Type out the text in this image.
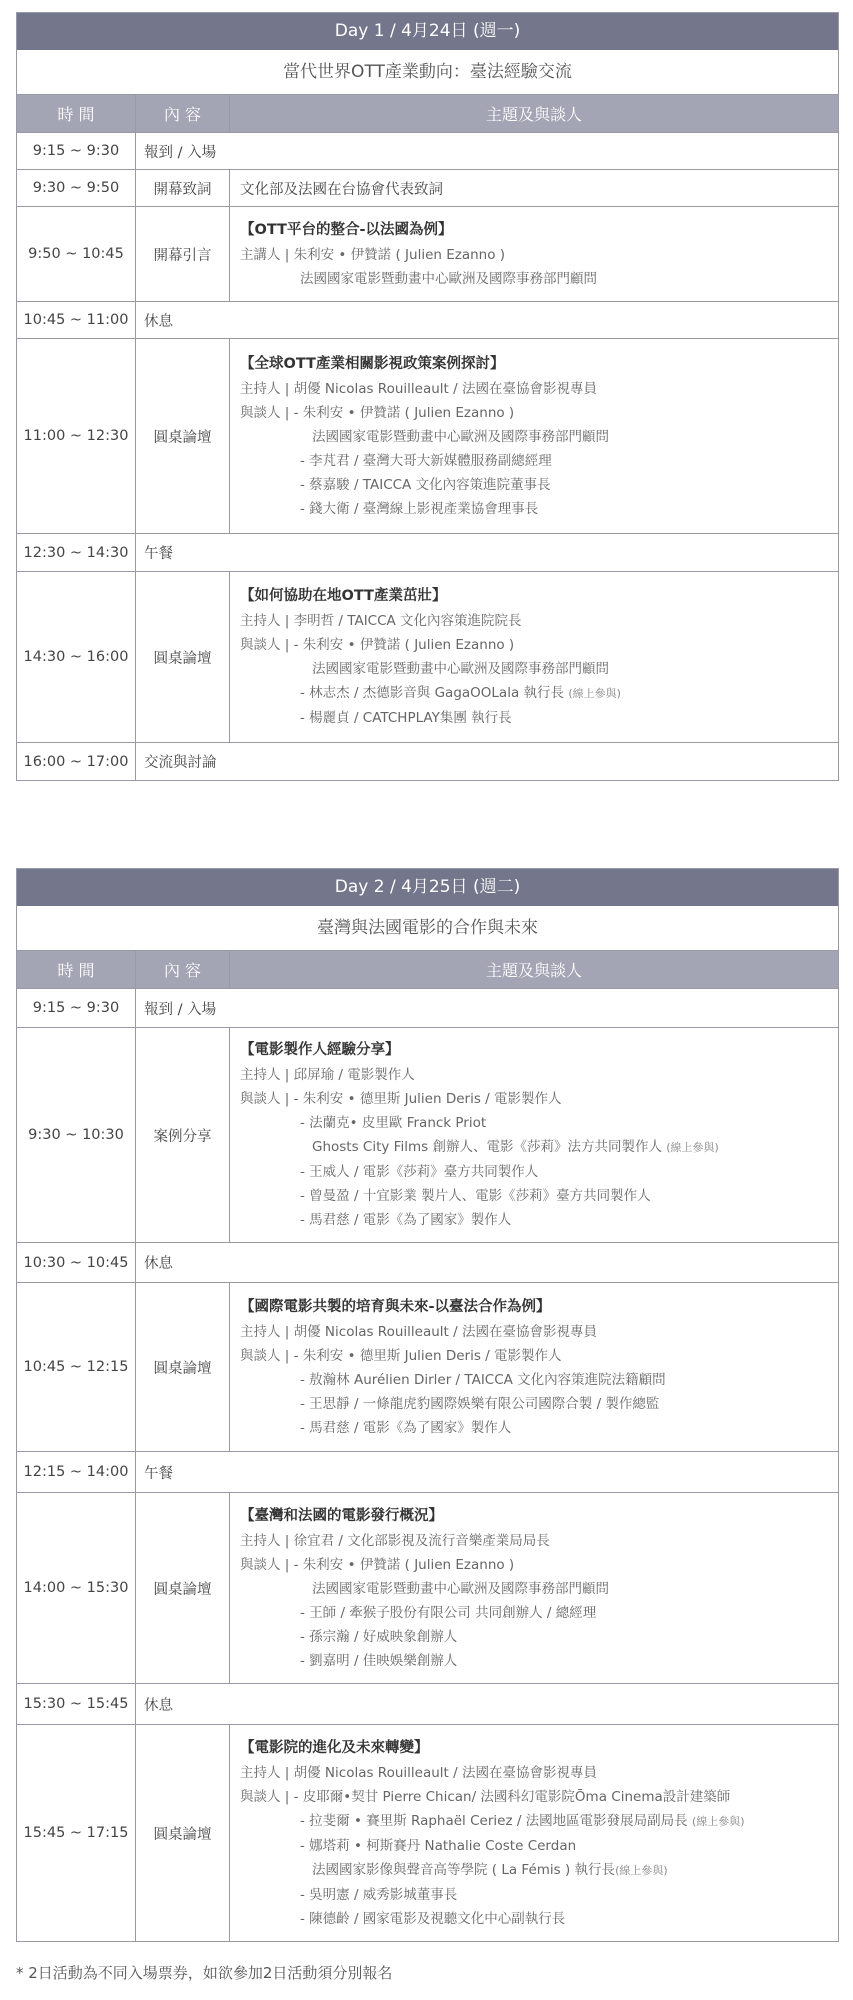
Day 1 / 4月24日 (週一)
當代世界OTT產業動向：臺法經驗交流
時 間	內 容	主題及與談人
9:15 ~ 9:30	報到 / 入場
9:30 ~ 9:50	開幕致詞	文化部及法國在台協會代表致詞
9:50 ~ 10:45	開幕引言
【OTT平台的整合-以法國為例】
主講人 | 朱利安 • 伊贊諾 ( Julien Ezanno )
法國國家電影暨動畫中心歐洲及國際事務部門顧問
10:45 ~ 11:00	休息
11:00 ~ 12:30	圓桌論壇
【全球OTT產業相關影視政策案例探討】
主持人 | 胡優 Nicolas Rouilleault / 法國在臺協會影視專員
與談人 | - 朱利安 • 伊贊諾 ( Julien Ezanno )
法國國家電影暨動畫中心歐洲及國際事務部門顧問
- 李芃君 / 臺灣大哥大新媒體服務副總經理
- 蔡嘉駿 / TAICCA 文化內容策進院董事長
- 錢大衛 / 臺灣線上影視產業協會理事長
12:30 ~ 14:30	午餐
14:30 ~ 16:00	圓桌論壇
【如何協助在地OTT產業茁壯】
主持人 | 李明哲 / TAICCA 文化內容策進院院長
與談人 | - 朱利安 • 伊贊諾 ( Julien Ezanno )
法國國家電影暨動畫中心歐洲及國際事務部門顧問
- 林志杰 / 杰德影音與 GagaOOLala 執行長 (線上參與)
- 楊麗貞 / CATCHPLAY集團 執行長
16:00 ~ 17:00	交流與討論
Day 2 / 4月25日 (週二)
臺灣與法國電影的合作與未來
時 間	內 容	主題及與談人
9:15 ~ 9:30	報到 / 入場
9:30 ~ 10:30	案例分享
【電影製作人經驗分享】
主持人 | 邱屏瑜 / 電影製作人
與談人 | - 朱利安 • 德里斯 Julien Deris / 電影製作人
- 法蘭克• 皮里歐 Franck Priot
Ghosts City Films 創辦人、電影《莎莉》法方共同製作人 (線上參與)
- 王威人 / 電影《莎莉》臺方共同製作人
- 曾曼盈 / 十宜影業 製片人、電影《莎莉》臺方共同製作人
- 馬君慈 / 電影《為了國家》製作人
10:30 ~ 10:45	休息
10:45 ~ 12:15	圓桌論壇
【國際電影共製的培育與未來-以臺法合作為例】
主持人 | 胡優 Nicolas Rouilleault / 法國在臺協會影視專員
與談人 | - 朱利安 • 德里斯 Julien Deris / 電影製作人
- 敖瀚林 Aurélien Dirler / TAICCA 文化內容策進院法籍顧問
- 王思靜 / 一條龍虎豹國際娛樂有限公司國際合製 / 製作總監
- 馬君慈 / 電影《為了國家》製作人
12:15 ~ 14:00	午餐
14:00 ~ 15:30	圓桌論壇
【臺灣和法國的電影發行概況】
主持人 | 徐宜君 / 文化部影視及流行音樂產業局局長
與談人 | - 朱利安 • 伊贊諾 ( Julien Ezanno )
法國國家電影暨動畫中心歐洲及國際事務部門顧問
- 王師 / 牽猴子股份有限公司 共同創辦人 / 總經理
- 孫宗瀚 / 好威映象創辦人
- 劉嘉明 / 佳映娛樂創辦人
15:30 ~ 15:45	休息
15:45 ~ 17:15	圓桌論壇
【電影院的進化及未來轉變】
主持人 | 胡優 Nicolas Rouilleault / 法國在臺協會影視專員
與談人 | - 皮耶爾•契甘 Pierre Chican/ 法國科幻電影院Ōma Cinema設計建築師
- 拉斐爾 • 賽里斯 Raphaël Ceriez / 法國地區電影發展局副局長 (線上參與)
- 娜塔莉 • 柯斯賽丹 Nathalie Coste Cerdan
法國國家影像與聲音高等學院 ( La Fémis ) 執行長(線上參與)
- 吳明憲 / 威秀影城董事長
- 陳德齡 / 國家電影及視聽文化中心副執行長
* 2日活動為不同入場票券，如欲參加2日活動須分別報名
